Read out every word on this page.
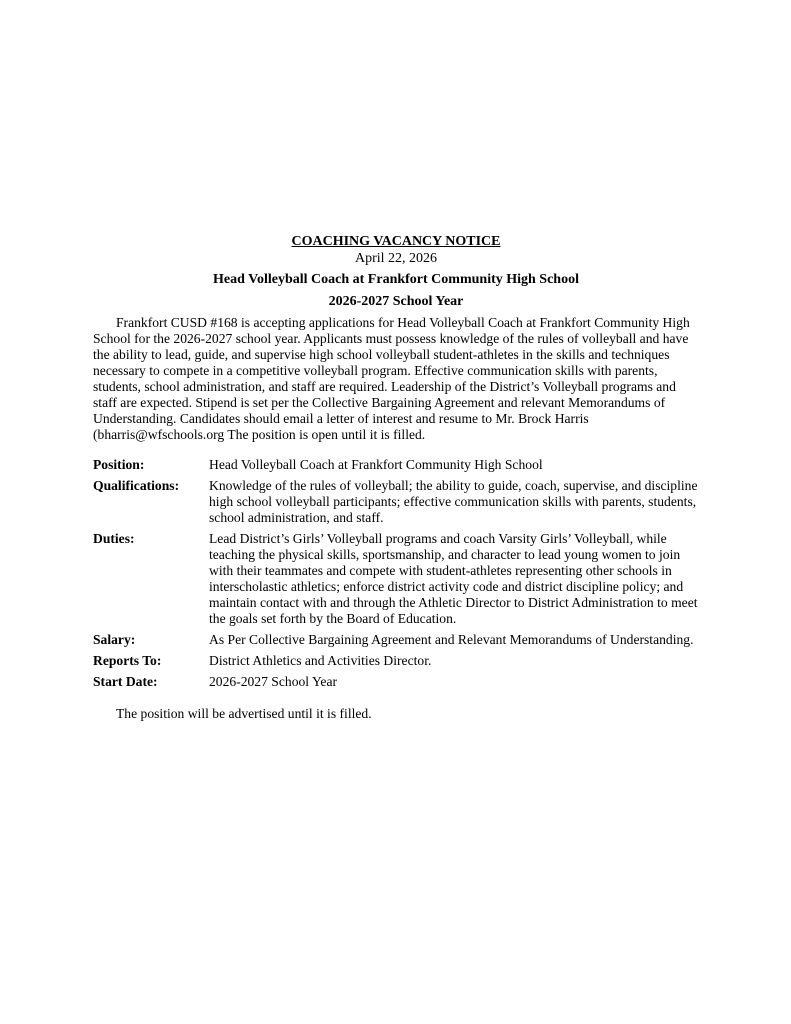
COACHING VACANCY NOTICE

April 22, 2026

Head Volleyball Coach at Frankfort Community High School

2026-2027 School Year

Frankfort CUSD #168 is accepting applications for Head Volleyball Coach at Frankfort Community High School for the 2026-2027 school year. Applicants must possess knowledge of the rules of volleyball and have the ability to lead, guide, and supervise high school volleyball student-athletes in the skills and techniques necessary to compete in a competitive volleyball program. Effective communication skills with parents, students, school administration, and staff are required. Leadership of the District’s Volleyball programs and staff are expected. Stipend is set per the Collective Bargaining Agreement and relevant Memorandums of Understanding. Candidates should email a letter of interest and resume to Mr. Brock Harris (bharris@wfschools.org The position is open until it is filled.

Position:	Head Volleyball Coach at Frankfort Community High School
Qualifications:	Knowledge of the rules of volleyball; the ability to guide, coach, supervise, and discipline high school volleyball participants; effective communication skills with parents, students, school administration, and staff.
Duties:	Lead District’s Girls’ Volleyball programs and coach Varsity Girls’ Volleyball, while teaching the physical skills, sportsmanship, and character to lead young women to join with their teammates and compete with student-athletes representing other schools in interscholastic athletics; enforce district activity code and district discipline policy; and maintain contact with and through the Athletic Director to District Administration to meet the goals set forth by the Board of Education.
Salary:	As Per Collective Bargaining Agreement and Relevant Memorandums of Understanding.
Reports To:	District Athletics and Activities Director.
Start Date:	2026-2027 School Year

The position will be advertised until it is filled.
